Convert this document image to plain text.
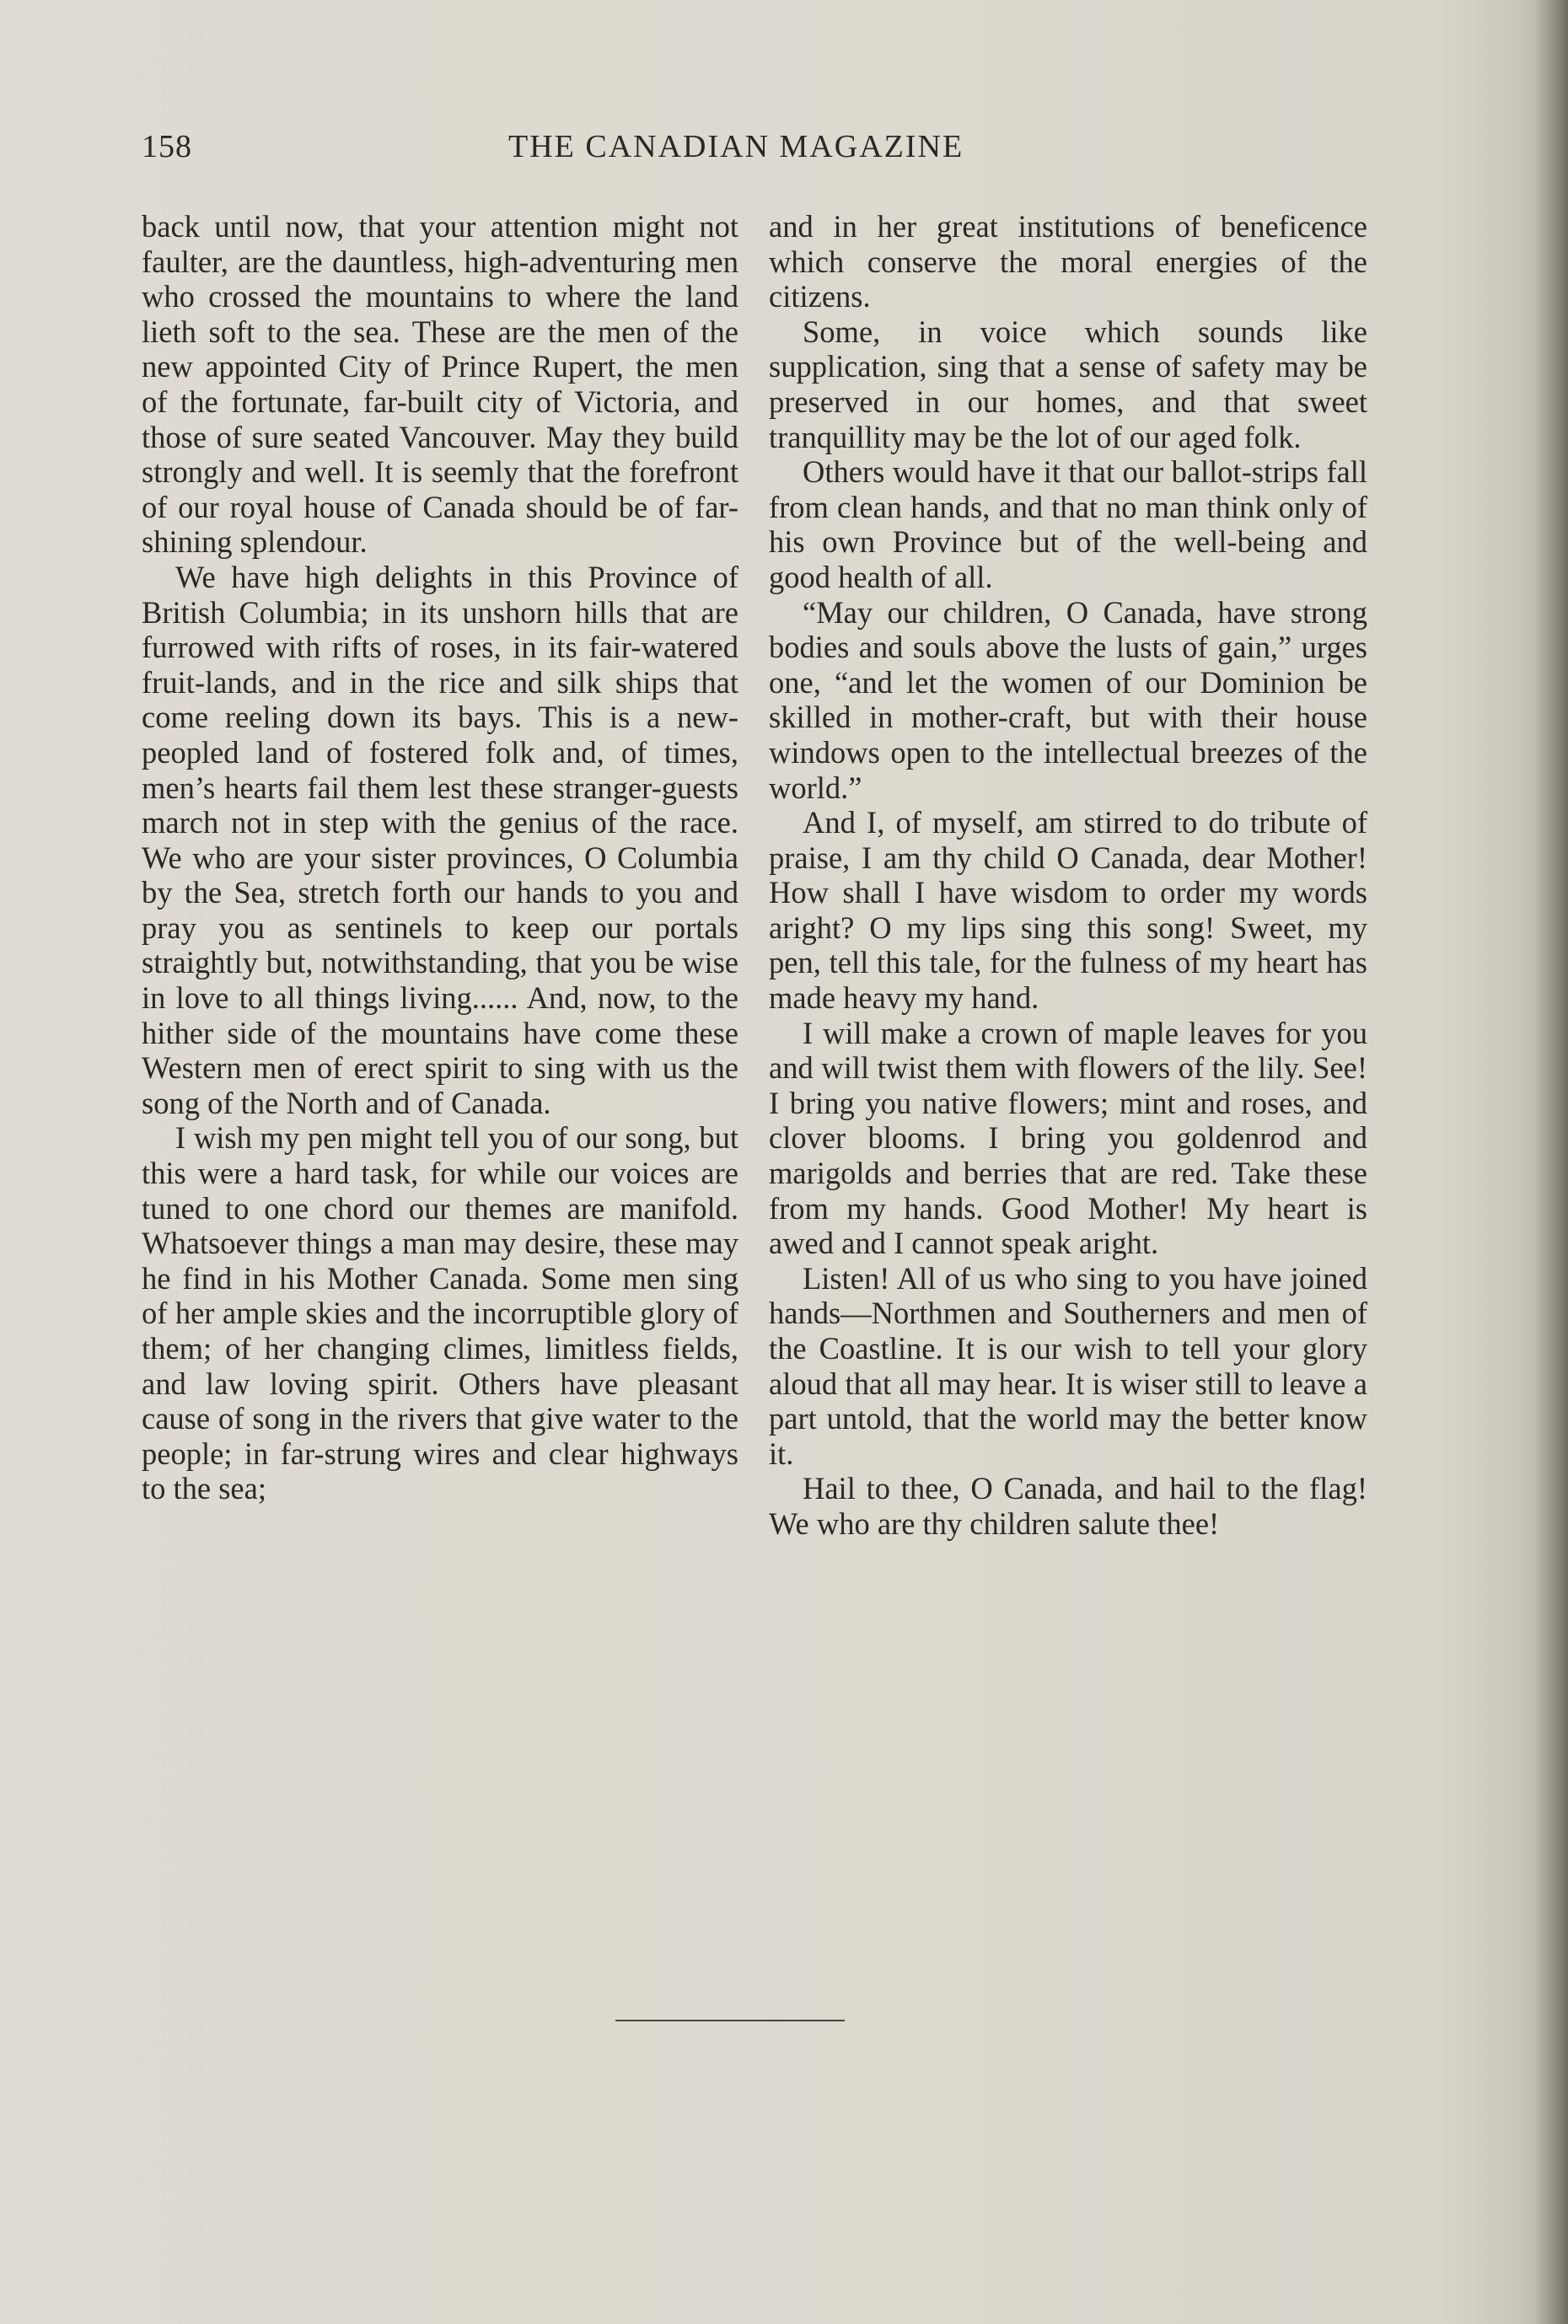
158	THE CANADIAN MAGAZINE

back until now, that your attention might not faulter, are the dauntless, high-adventuring men who crossed the mountains to where the land lieth soft to the sea. These are the men of the new appointed City of Prince Rupert, the men of the fortunate, far-built city of Victoria, and those of sure seated Vancouver. May they build strongly and well. It is seemly that the forefront of our royal house of Canada should be of far-shining splendour.

We have high delights in this Province of British Columbia; in its unshorn hills that are furrowed with rifts of roses, in its fair-watered fruit-lands, and in the rice and silk ships that come reeling down its bays. This is a new-peopled land of fostered folk and, of times, men’s hearts fail them lest these stranger-guests march not in step with the genius of the race. We who are your sister provinces, O Columbia by the Sea, stretch forth our hands to you and pray you as sentinels to keep our portals straightly but, notwithstanding, that you be wise in love to all things living...... And, now, to the hither side of the mountains have come these Western men of erect spirit to sing with us the song of the North and of Canada.

I wish my pen might tell you of our song, but this were a hard task, for while our voices are tuned to one chord our themes are manifold. Whatsoever things a man may desire, these may he find in his Mother Canada. Some men sing of her ample skies and the incorruptible glory of them; of her changing climes, limitless fields, and law loving spirit. Others have pleasant cause of song in the rivers that give water to the people; in far-strung wires and clear highways to the sea;

and in her great institutions of beneficence which conserve the moral energies of the citizens.

Some, in voice which sounds like supplication, sing that a sense of safety may be preserved in our homes, and that sweet tranquillity may be the lot of our aged folk.

Others would have it that our ballot-strips fall from clean hands, and that no man think only of his own Province but of the well-being and good health of all.

“May our children, O Canada, have strong bodies and souls above the lusts of gain,” urges one, “and let the women of our Dominion be skilled in mother-craft, but with their house windows open to the intellectual breezes of the world.”

And I, of myself, am stirred to do tribute of praise, I am thy child O Canada, dear Mother! How shall I have wisdom to order my words aright? O my lips sing this song! Sweet, my pen, tell this tale, for the fulness of my heart has made heavy my hand.

I will make a crown of maple leaves for you and will twist them with flowers of the lily. See! I bring you native flowers; mint and roses, and clover blooms. I bring you goldenrod and marigolds and berries that are red. Take these from my hands. Good Mother! My heart is awed and I cannot speak aright.

Listen! All of us who sing to you have joined hands—Northmen and Southerners and men of the Coastline. It is our wish to tell your glory aloud that all may hear. It is wiser still to leave a part untold, that the world may the better know it.

Hail to thee, O Canada, and hail to the flag! We who are thy children salute thee!
